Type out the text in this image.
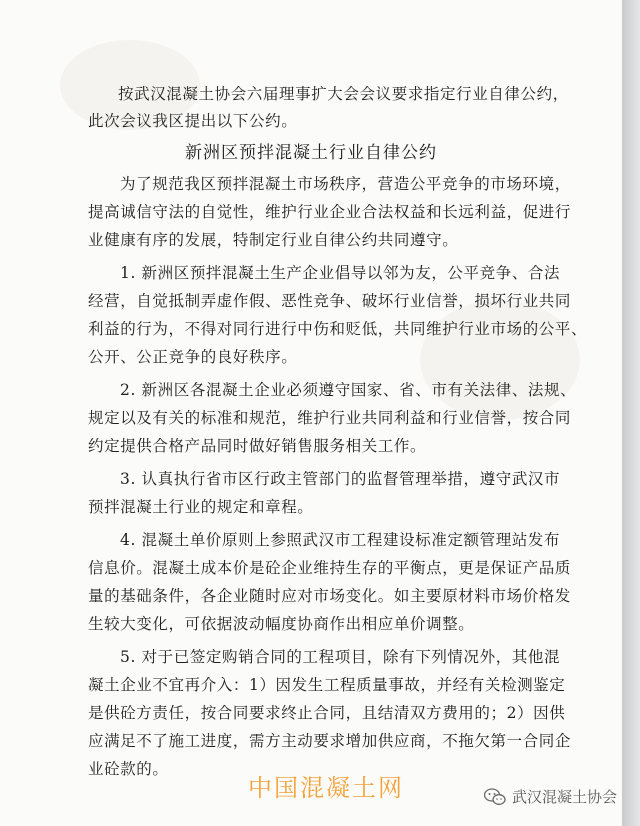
按武汉混凝土协会六届理事扩大会会议要求指定行业自律公约，
此次会议我区提出以下公约。
新洲区预拌混凝土行业自律公约
为了规范我区预拌混凝土市场秩序，营造公平竞争的市场环境，
提高诚信守法的自觉性，维护行业企业合法权益和长远利益，促进行
业健康有序的发展，特制定行业自律公约共同遵守。
1. 新洲区预拌混凝土生产企业倡导以邻为友，公平竞争、合法
经营，自觉抵制弄虚作假、恶性竞争、破坏行业信誉，损坏行业共同
利益的行为，不得对同行进行中伤和贬低，共同维护行业市场的公平、
公开、公正竞争的良好秩序。
2. 新洲区各混凝土企业必须遵守国家、省、市有关法律、法规、
规定以及有关的标准和规范，维护行业共同利益和行业信誉，按合同
约定提供合格产品同时做好销售服务相关工作。
3. 认真执行省市区行政主管部门的监督管理举措，遵守武汉市
预拌混凝土行业的规定和章程。
4. 混凝土单价原则上参照武汉市工程建设标准定额管理站发布
信息价。混凝土成本价是砼企业维持生存的平衡点，更是保证产品质
量的基础条件，各企业随时应对市场变化。如主要原材料市场价格发
生较大变化，可依据波动幅度协商作出相应单价调整。
5. 对于已签定购销合同的工程项目，除有下列情况外，其他混
凝土企业不宜再介入：1）因发生工程质量事故，并经有关检测鉴定
是供砼方责任，按合同要求终止合同，且结清双方费用的；2）因供
应满足不了施工进度，需方主动要求增加供应商，不拖欠第一合同企
业砼款的。
中国混凝土网	武汉混凝土协会
